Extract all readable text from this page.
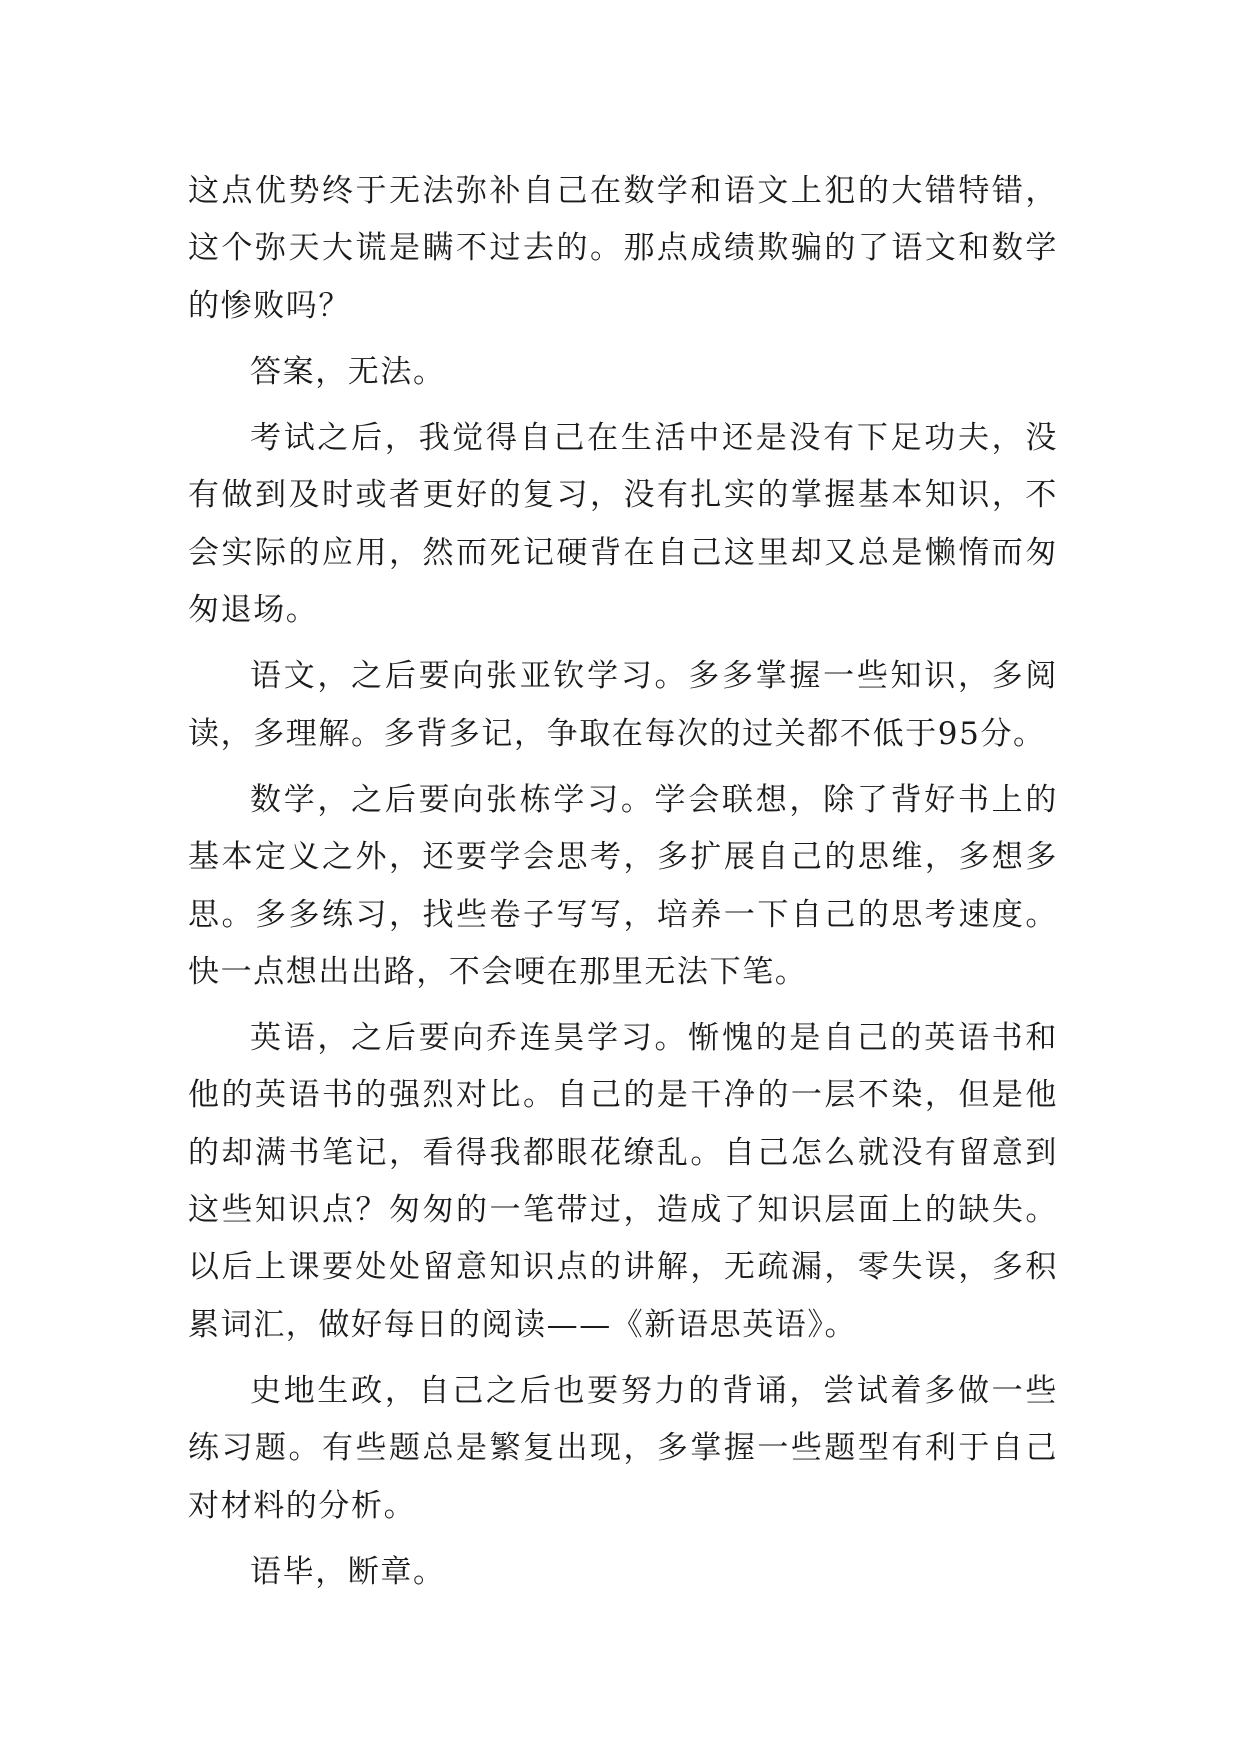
这点优势终于无法弥补自己在数学和语文上犯的大错特错，这个弥天大谎是瞒不过去的。那点成绩欺骗的了语文和数学的惨败吗？

答案，无法。

考试之后，我觉得自己在生活中还是没有下足功夫，没有做到及时或者更好的复习，没有扎实的掌握基本知识，不会实际的应用，然而死记硬背在自己这里却又总是懒惰而匆匆退场。

语文，之后要向张亚钦学习。多多掌握一些知识，多阅读，多理解。多背多记，争取在每次的过关都不低于95分。

数学，之后要向张栋学习。学会联想，除了背好书上的基本定义之外，还要学会思考，多扩展自己的思维，多想多思。多多练习，找些卷子写写，培养一下自己的思考速度。快一点想出出路，不会哽在那里无法下笔。

英语，之后要向乔连昊学习。惭愧的是自己的英语书和他的英语书的强烈对比。自己的是干净的一层不染，但是他的却满书笔记，看得我都眼花缭乱。自己怎么就没有留意到这些知识点？匆匆的一笔带过，造成了知识层面上的缺失。以后上课要处处留意知识点的讲解，无疏漏，零失误，多积累词汇，做好每日的阅读——《新语思英语》。

史地生政，自己之后也要努力的背诵，尝试着多做一些练习题。有些题总是繁复出现，多掌握一些题型有利于自己对材料的分析。

语毕，断章。
